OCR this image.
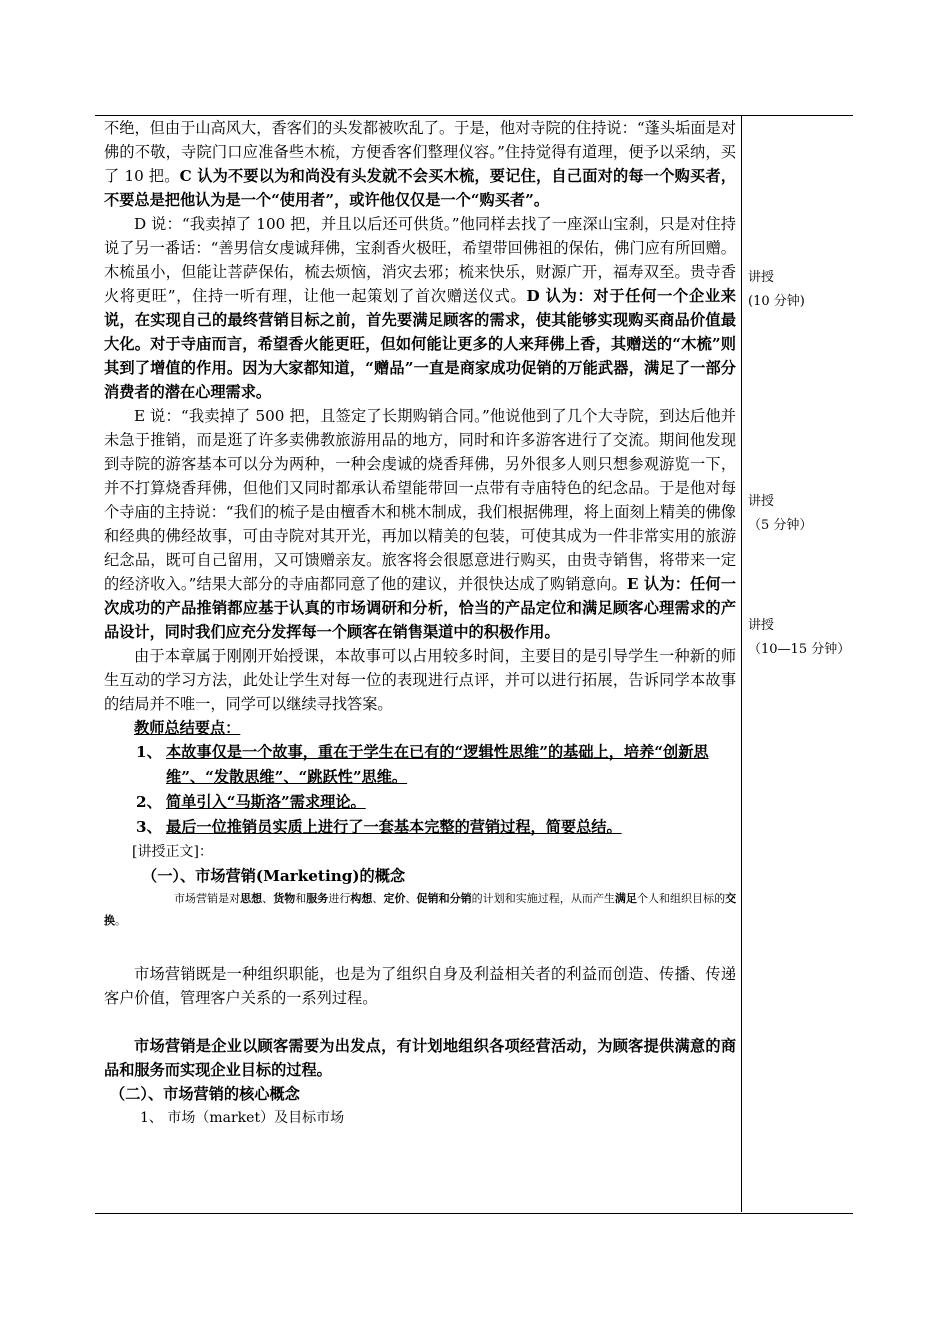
不绝，但由于山高风大，香客们的头发都被吹乱了。于是，他对寺院的住持说：“蓬头垢面是对佛的不敬，寺院门口应准备些木梳，方便香客们整理仪容。”住持觉得有道理，便予以采纳，买了 10 把。C 认为不要以为和尚没有头发就不会买木梳，要记住，自己面对的每一个购买者，不要总是把他认为是一个“使用者”，或许他仅仅是一个“购买者”。

D 说：“我卖掉了 100 把，并且以后还可供货。”他同样去找了一座深山宝刹，只是对住持说了另一番话：“善男信女虔诚拜佛，宝刹香火极旺，希望带回佛祖的保佑，佛门应有所回赠。木梳虽小，但能让菩萨保佑，梳去烦恼，消灾去邪；梳来快乐，财源广开，福寿双至。贵寺香火将更旺”，住持一听有理，让他一起策划了首次赠送仪式。D 认为：对于任何一个企业来说，在实现自己的最终营销目标之前，首先要满足顾客的需求，使其能够实现购买商品价值最大化。对于寺庙而言，希望香火能更旺，但如何能让更多的人来拜佛上香，其赠送的“木梳”则其到了增值的作用。因为大家都知道，“赠品”一直是商家成功促销的万能武器，满足了一部分消费者的潜在心理需求。

E 说：“我卖掉了 500 把，且签定了长期购销合同。”他说他到了几个大寺院，到达后他并未急于推销，而是逛了许多卖佛教旅游用品的地方，同时和许多游客进行了交流。期间他发现到寺院的游客基本可以分为两种，一种会虔诚的烧香拜佛，另外很多人则只想参观游览一下，并不打算烧香拜佛，但他们又同时都承认希望能带回一点带有寺庙特色的纪念品。于是他对每个寺庙的主持说：“我们的梳子是由檀香木和桃木制成，我们根据佛理，将上面刻上精美的佛像和经典的佛经故事，可由寺院对其开光，再加以精美的包装，可使其成为一件非常实用的旅游纪念品，既可自己留用，又可馈赠亲友。旅客将会很愿意进行购买，由贵寺销售，将带来一定的经济收入。”结果大部分的寺庙都同意了他的建议，并很快达成了购销意向。E 认为：任何一次成功的产品推销都应基于认真的市场调研和分析，恰当的产品定位和满足顾客心理需求的产品设计，同时我们应充分发挥每一个顾客在销售渠道中的积极作用。

由于本章属于刚刚开始授课，本故事可以占用较多时间，主要目的是引导学生一种新的师生互动的学习方法，此处让学生对每一位的表现进行点评，并可以进行拓展，告诉同学本故事的结局并不唯一，同学可以继续寻找答案。

教师总结要点：

1、 本故事仅是一个故事，重在于学生在已有的“逻辑性思维”的基础上，培养“创新思维”、“发散思维”、“跳跃性”思维。
2、 简单引入“马斯洛”需求理论。
3、 最后一位推销员实质上进行了一套基本完整的营销过程，简要总结。

[讲授正文]：

（一）、市场营销(Marketing)的概念

市场营销是对思想、货物和服务进行构想、定价、促销和分销的计划和实施过程，从而产生满足个人和组织目标的交换。

市场营销既是一种组织职能，也是为了组织自身及利益相关者的利益而创造、传播、传递客户价值，管理客户关系的一系列过程。

市场营销是企业以顾客需要为出发点，有计划地组织各项经营活动，为顾客提供满意的商品和服务而实现企业目标的过程。

（二）、市场营销的核心概念

1、 市场（market）及目标市场

讲授
(10 分钟)
讲授
（5 分钟）
讲授
（10—15 分钟）
